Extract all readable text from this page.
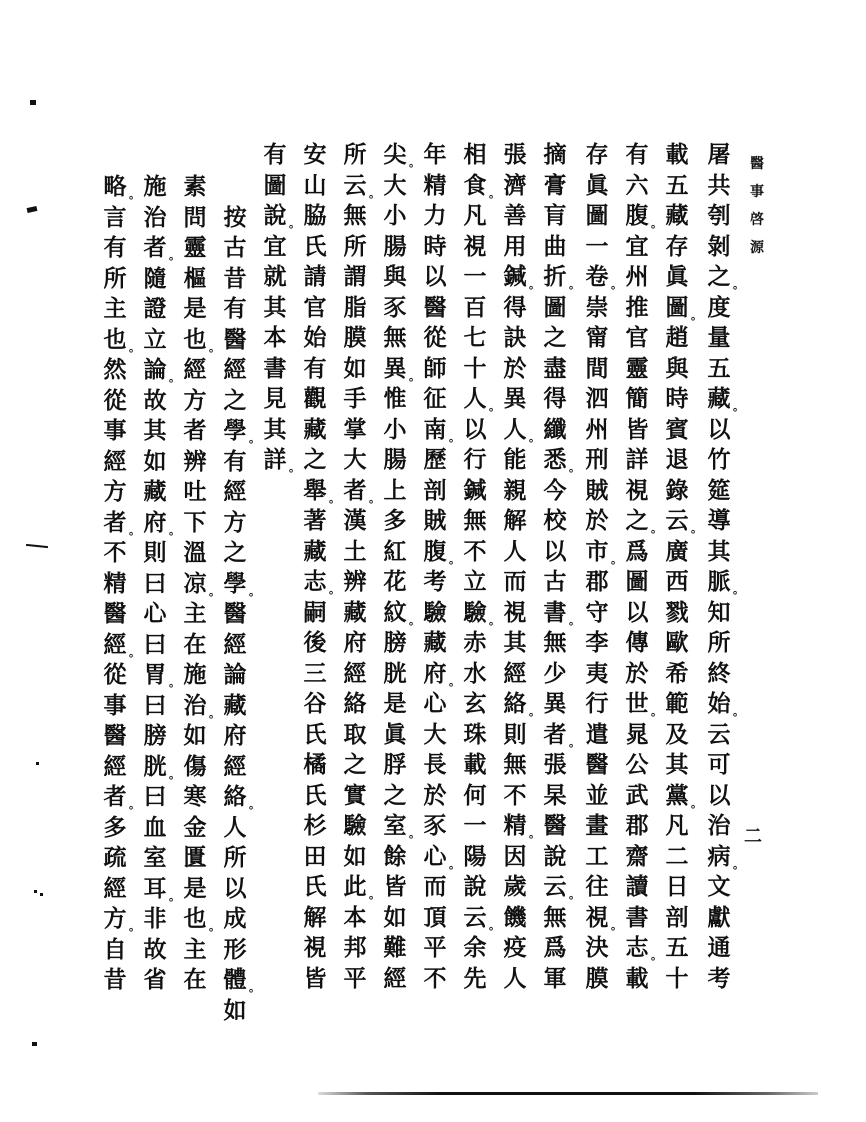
醫
事
啓
源
二
屠
共
刳
剝
之 。
度
量
五
藏 。
以
竹
筵
導
其
脈 。
知
所
終
始 。
云
可
以
治
病 。
文
獻
通
考
載
五
藏
存
眞
圖 。
趙
與
時
賓
退
錄
云 。
廣
西
戮
歐
希
範
及
其
黨 。
凡
二
日
剖
五
十
有
六
腹 。
宜
州
推
官
靈
簡
皆
詳
視
之 。
爲
圖
以
傳
於
世 。
晁
公
武
郡
齋
讀
書
志 。
載
存
眞
圖
一
卷 。
崇
甯
間
泗
州
刑
賊
於
市 。
郡
守
李
夷
行
遣
醫
並
畫
工
往
視 。
決
膜
摘
膏
肓
曲
折 。
圖
之
盡
得
纖
悉 。
今
校
以
古
書 。
無
少
異
者 。
張
杲
醫
說
云 。
無
爲
軍
張
濟
善
用
鍼 。
得
訣
於
異
人 。
能
親
解
人
而
視
其
經
絡 。
則
無
不
精 。
因
歲
饑
疫
人
相
食 。
凡
視
一
百
七
十
人 。
以
行
鍼
無
不
立
驗 。
赤
水
玄
珠
載
何
一
陽
說
云 。
余
先
年
精
力
時
以
醫
從
師
征
南 。
歷
剖
賊
腹 。
考
驗
藏
府 。
心
大
長
於
豕
心 。
而
頂
平
不
尖 。
大
小
腸
與
豕
無
異 。
惟
小
腸
上
多
紅
花
紋 。
膀
胱
是
眞
脬
之
室 。
餘
皆
如
難
經
所
云 。
無
所
謂
脂
膜
如
手
掌
大
者 。
漢
土
辨
藏
府
經
絡
取
之
實
驗
如
此 。
本
邦
平
安
山
脇
氏
請
官
始
有
觀
藏
之
舉 。
著
藏
志 。
嗣
後
三
谷
氏
橘
氏
杉
田
氏
解
視
皆
有
圖
說 。
宜
就
其
本
書
見
其
詳 。

按
古
昔
有
醫
經
之
學 。
有
經
方
之
學 。
醫
經
論
藏
府
經
絡 。
人
所
以
成
形
體 。
如
素
問
靈
樞
是
也 。
經
方
者
辨
吐
下
溫
凉 。
主
在
施
治 。
如
傷
寒
金
匱
是
也 。
主
在
施
治
者 。
隨
證
立
論 。
故
其
如
藏
府 。
則
曰
心
曰
胃 。
曰
膀
胱 。
曰
血
室
耳 。
非
故
省
略 。
言
有
所
主
也 。
然
從
事
經
方
者 。
不
精
醫
經 。
從
事
醫
經
者 。
多
疏
經
方 。
自
昔
